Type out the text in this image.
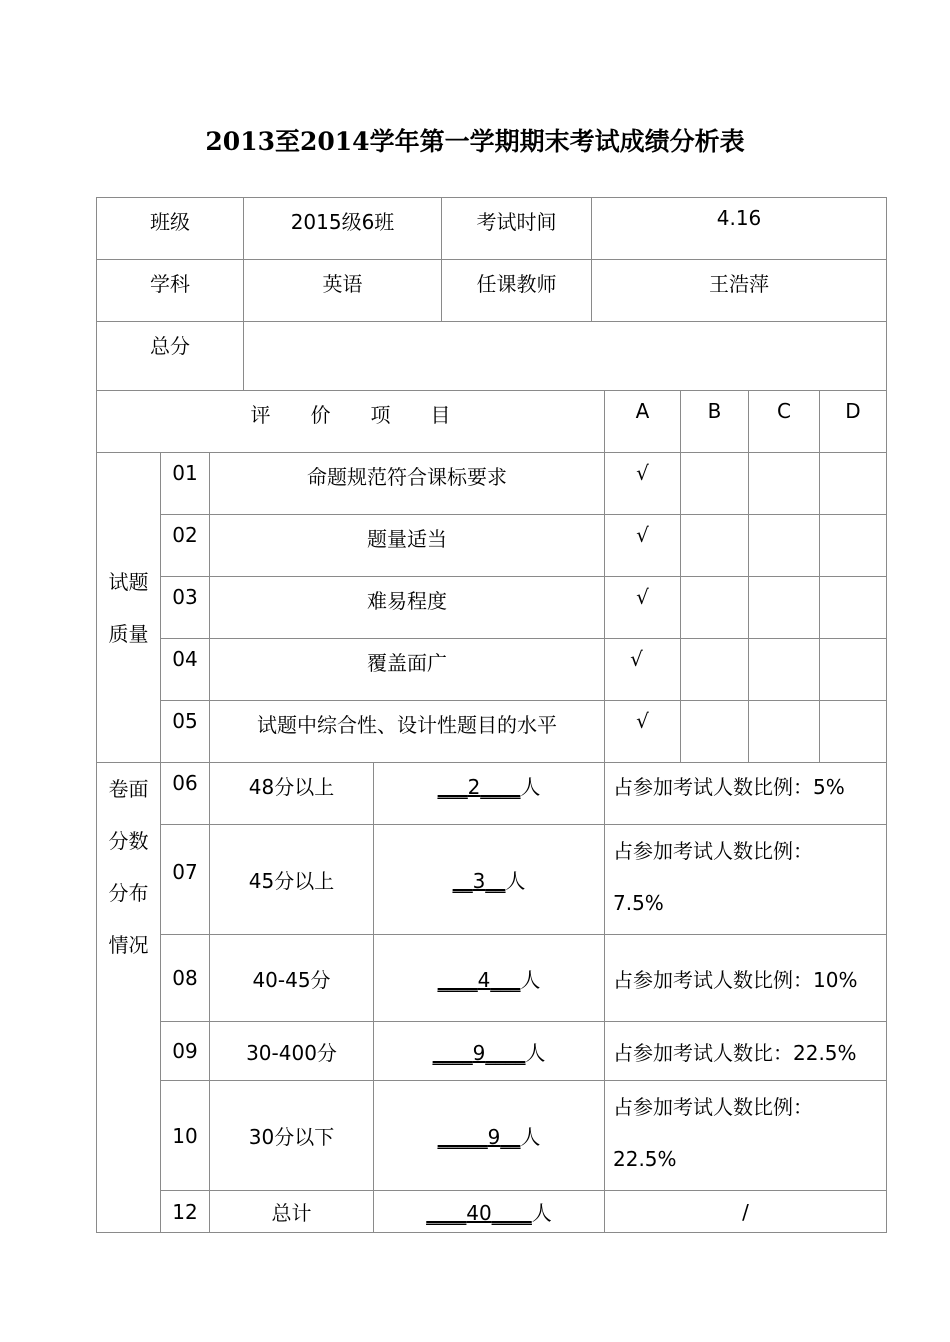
2013至2014学年第一学期期末考试成绩分析表
班级			2015级6班		考试时间	4.16				
学科			英语		任课教师	王浩萍				
总分										
评　　价　　项　　目							A	B	C	D

试题
质量	01	命题规范符合课标要求					√			
	02	题量适当					√			
	03	难易程度					√			
	04	覆盖面广					√			
	05	试题中综合性、设计性题目的水平					√			

卷面
分数
分布
情况	06	48分以上		___2____人			占参加考试人数比例：5%			
	07	45分以上		__3__人			占参加考试人数比例：
7.5%			

	08	40-45分		____4___人			占参加考试人数比例：10%			
	09	30-400分		____9____人			占参加考试人数比：22.5%			
	10	30分以下		_____9__人			占参加考试人数比例：
22.5%			

	12	总计		____40____人			/			
